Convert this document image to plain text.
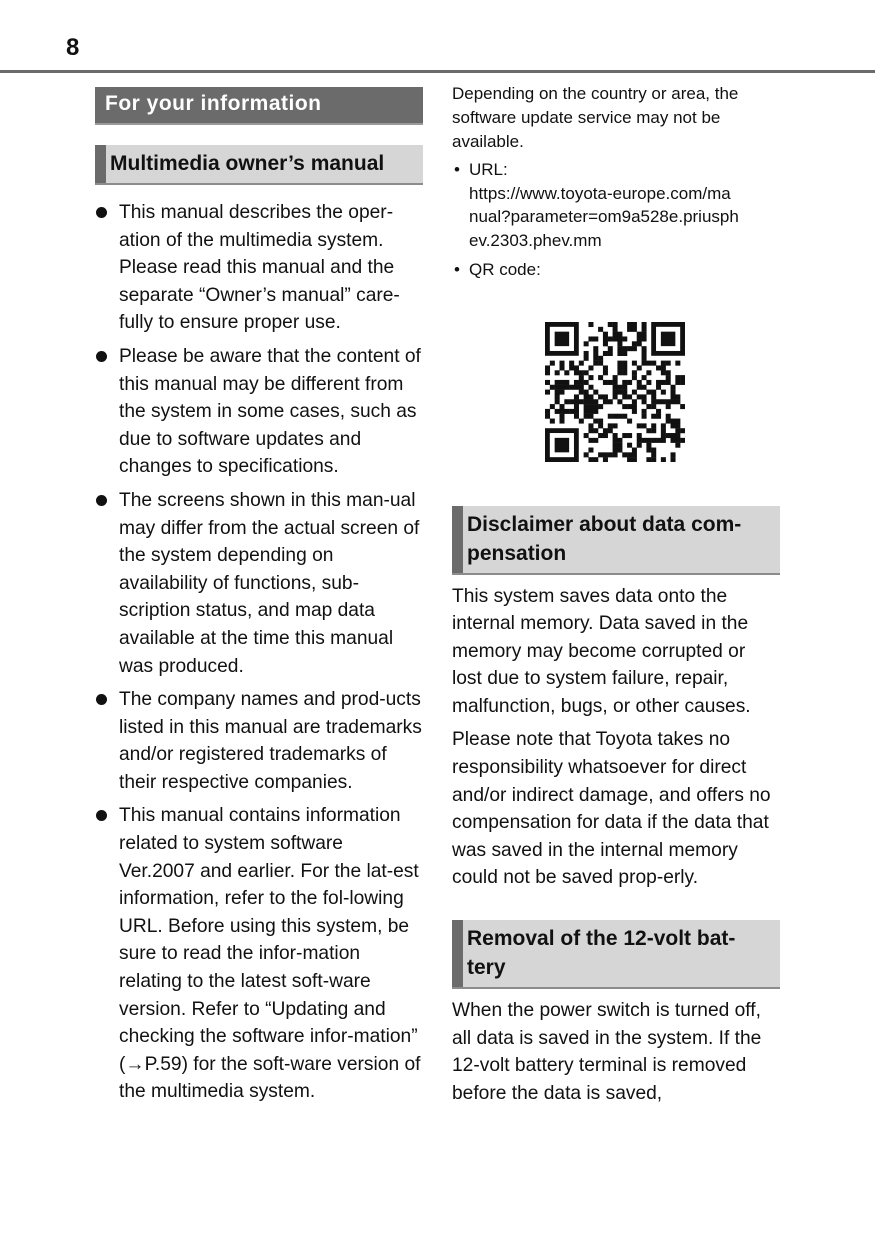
8
For your information
Multimedia owner’s manual
This manual describes the oper-ation of the multimedia system. Please read this manual and the separate “Owner’s manual” care-fully to ensure proper use.
Please be aware that the content of this manual may be different from the system in some cases, such as due to software updates and changes to specifications.
The screens shown in this man-ual may differ from the actual screen of the system depending on availability of functions, sub-scription status, and map data available at the time this manual was produced.
The company names and prod-ucts listed in this manual are trademarks and/or registered trademarks of their respective companies.
This manual contains information related to system software Ver.2007 and earlier. For the lat-est information, refer to the fol-lowing URL. Before using this system, be sure to read the infor-mation relating to the latest soft-ware version. Refer to “Updating and checking the software infor-mation” (→P.59) for the soft-ware version of the multimedia system.
Depending on the country or area, the software update service may not be available.
• URL:
https://www.toyota-europe.com/manual?parameter=om9a528e.priusphev.2303.phev.mm
• QR code:
Disclaimer about data com-pensation

This system saves data onto the internal memory. Data saved in the memory may become corrupted or lost due to system failure, repair, malfunction, bugs, or other causes.

Please note that Toyota takes no responsibility whatsoever for direct and/or indirect damage, and offers no compensation for data if the data that was saved in the internal memory could not be saved prop-erly.

Removal of the 12-volt bat-tery

When the power switch is turned off, all data is saved in the system. If the 12-volt battery terminal is removed before the data is saved,
